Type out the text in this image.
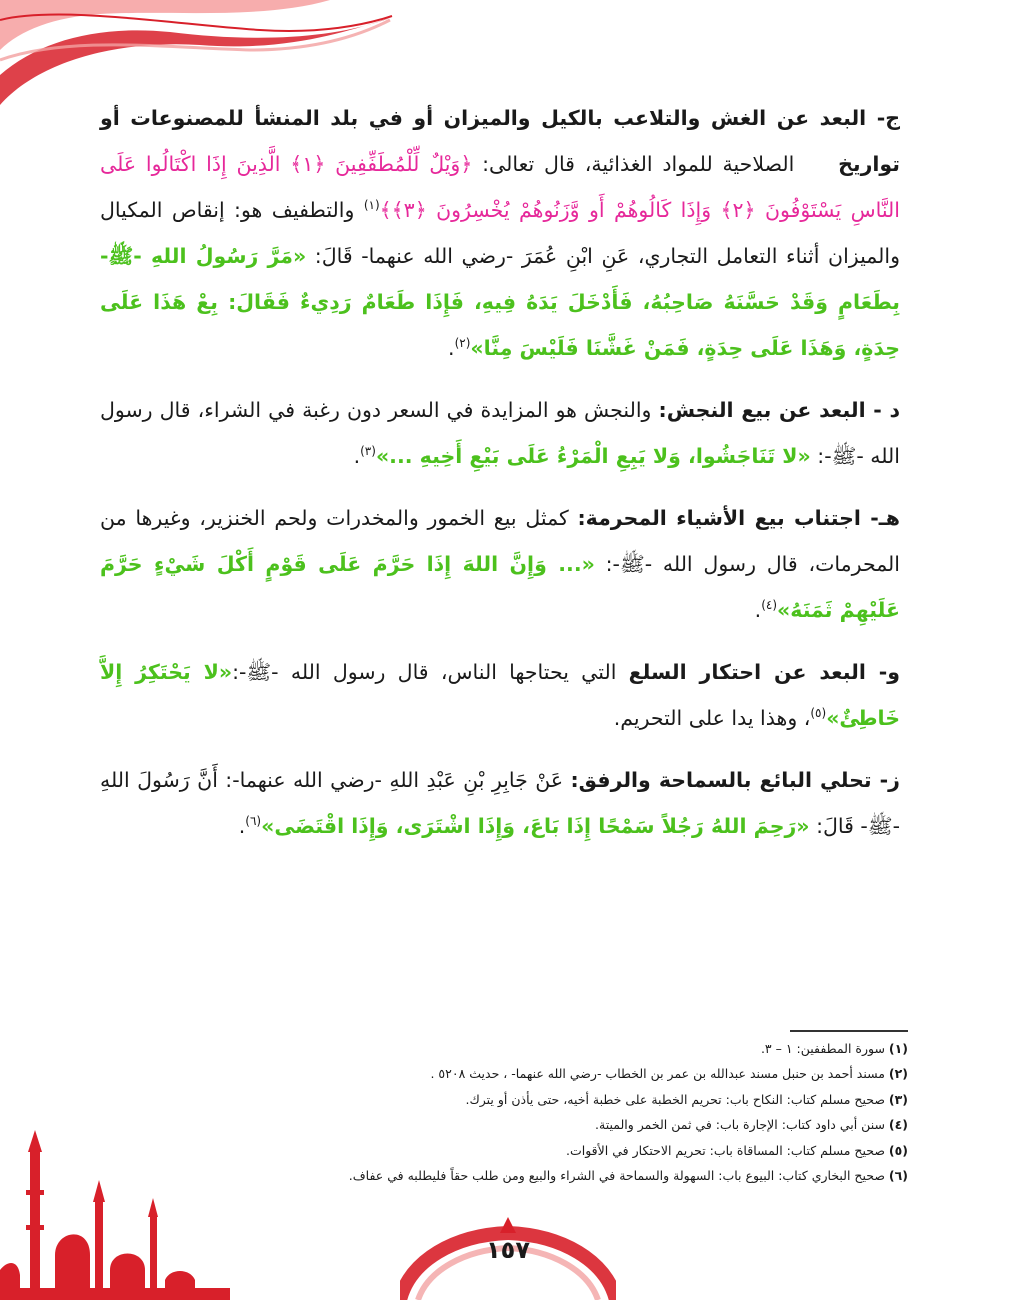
ج- البعد عن الغش والتلاعب بالكيل والميزان أو في بلد المنشأ للمصنوعات أو تواريخ الصلاحية للمواد الغذائية، قال تعالى: ﴿وَيْلٌ لِّلْمُطَفِّفِينَ ﴿١﴾ الَّذِينَ إِذَا اكْتَالُوا عَلَى النَّاسِ يَسْتَوْفُونَ ﴿٢﴾ وَإِذَا كَالُوهُمْ أَو وَّزَنُوهُمْ يُخْسِرُونَ ﴿٣﴾﴾$^{(١)}$ والتطفيف هو: إنقاص المكيال والميزان أثناء التعامل التجاري، عَنِ ابْنِ عُمَرَ -رضي الله عنهما- قَالَ: «مَرَّ رَسُولُ اللهِ -ﷺ- بِطَعَامٍ وَقَدْ حَسَّنَهُ صَاحِبُهُ، فَأَدْخَلَ يَدَهُ فِيهِ، فَإِذَا طَعَامٌ رَدِيءٌ فَقَالَ: بِعْ هَذَا عَلَى حِدَةٍ، وَهَذَا عَلَى حِدَةٍ، فَمَنْ غَشَّنَا فَلَيْسَ مِنَّا»$^{(٢)}$.

د - البعد عن بيع النجش: والنجش هو المزايدة في السعر دون رغبة في الشراء، قال رسول الله -ﷺ-: «لا تَنَاجَشُوا، وَلا يَبِعِ الْمَرْءُ عَلَى بَيْعِ أَخِيهِ ...»$^{(٣)}$.

هـ- اجتناب بيع الأشياء المحرمة: كمثل بيع الخمور والمخدرات ولحم الخنزير، وغيرها من المحرمات، قال رسول الله -ﷺ-: «... وَإِنَّ اللهَ إِذَا حَرَّمَ عَلَى قَوْمٍ أَكْلَ شَيْءٍ حَرَّمَ عَلَيْهِمْ ثَمَنَهُ»$^{(٤)}$.

و- البعد عن احتكار السلع التي يحتاجها الناس، قال رسول الله -ﷺ-:«لا يَحْتَكِرُ إِلاَّ خَاطِئٌ»$^{(٥)}$، وهذا يدا على التحريم.

ز- تحلي البائع بالسماحة والرفق: عَنْ جَابِرِ بْنِ عَبْدِ اللهِ -رضي الله عنهما-: أَنَّ رَسُولَ اللهِ -ﷺ- قَالَ: «رَحِمَ اللهُ رَجُلاً سَمْحًا إِذَا بَاعَ، وَإِذَا اشْتَرَى، وَإِذَا اقْتَضَى»$^{(٦)}$.

(١) سورة المطففين: ١ – ٣.
(٢) مسند أحمد بن حنبل مسند عبدالله بن عمر بن الخطاب -رضي الله عنهما- ، حديث ٥٢٠٨ .
(٣) صحيح مسلم كتاب: النكاح باب: تحريم الخطبة على خطبة أخيه، حتى يأذن أو يترك.
(٤) سنن أبي داود كتاب: الإجارة باب: في ثمن الخمر والميتة.
(٥) صحيح مسلم كتاب: المساقاة باب: تحريم الاحتكار في الأقوات.
(٦) صحيح البخاري كتاب: البيوع باب: السهولة والسماحة في الشراء والبيع ومن طلب حقاً فليطلبه في عفاف.
١٥٧
